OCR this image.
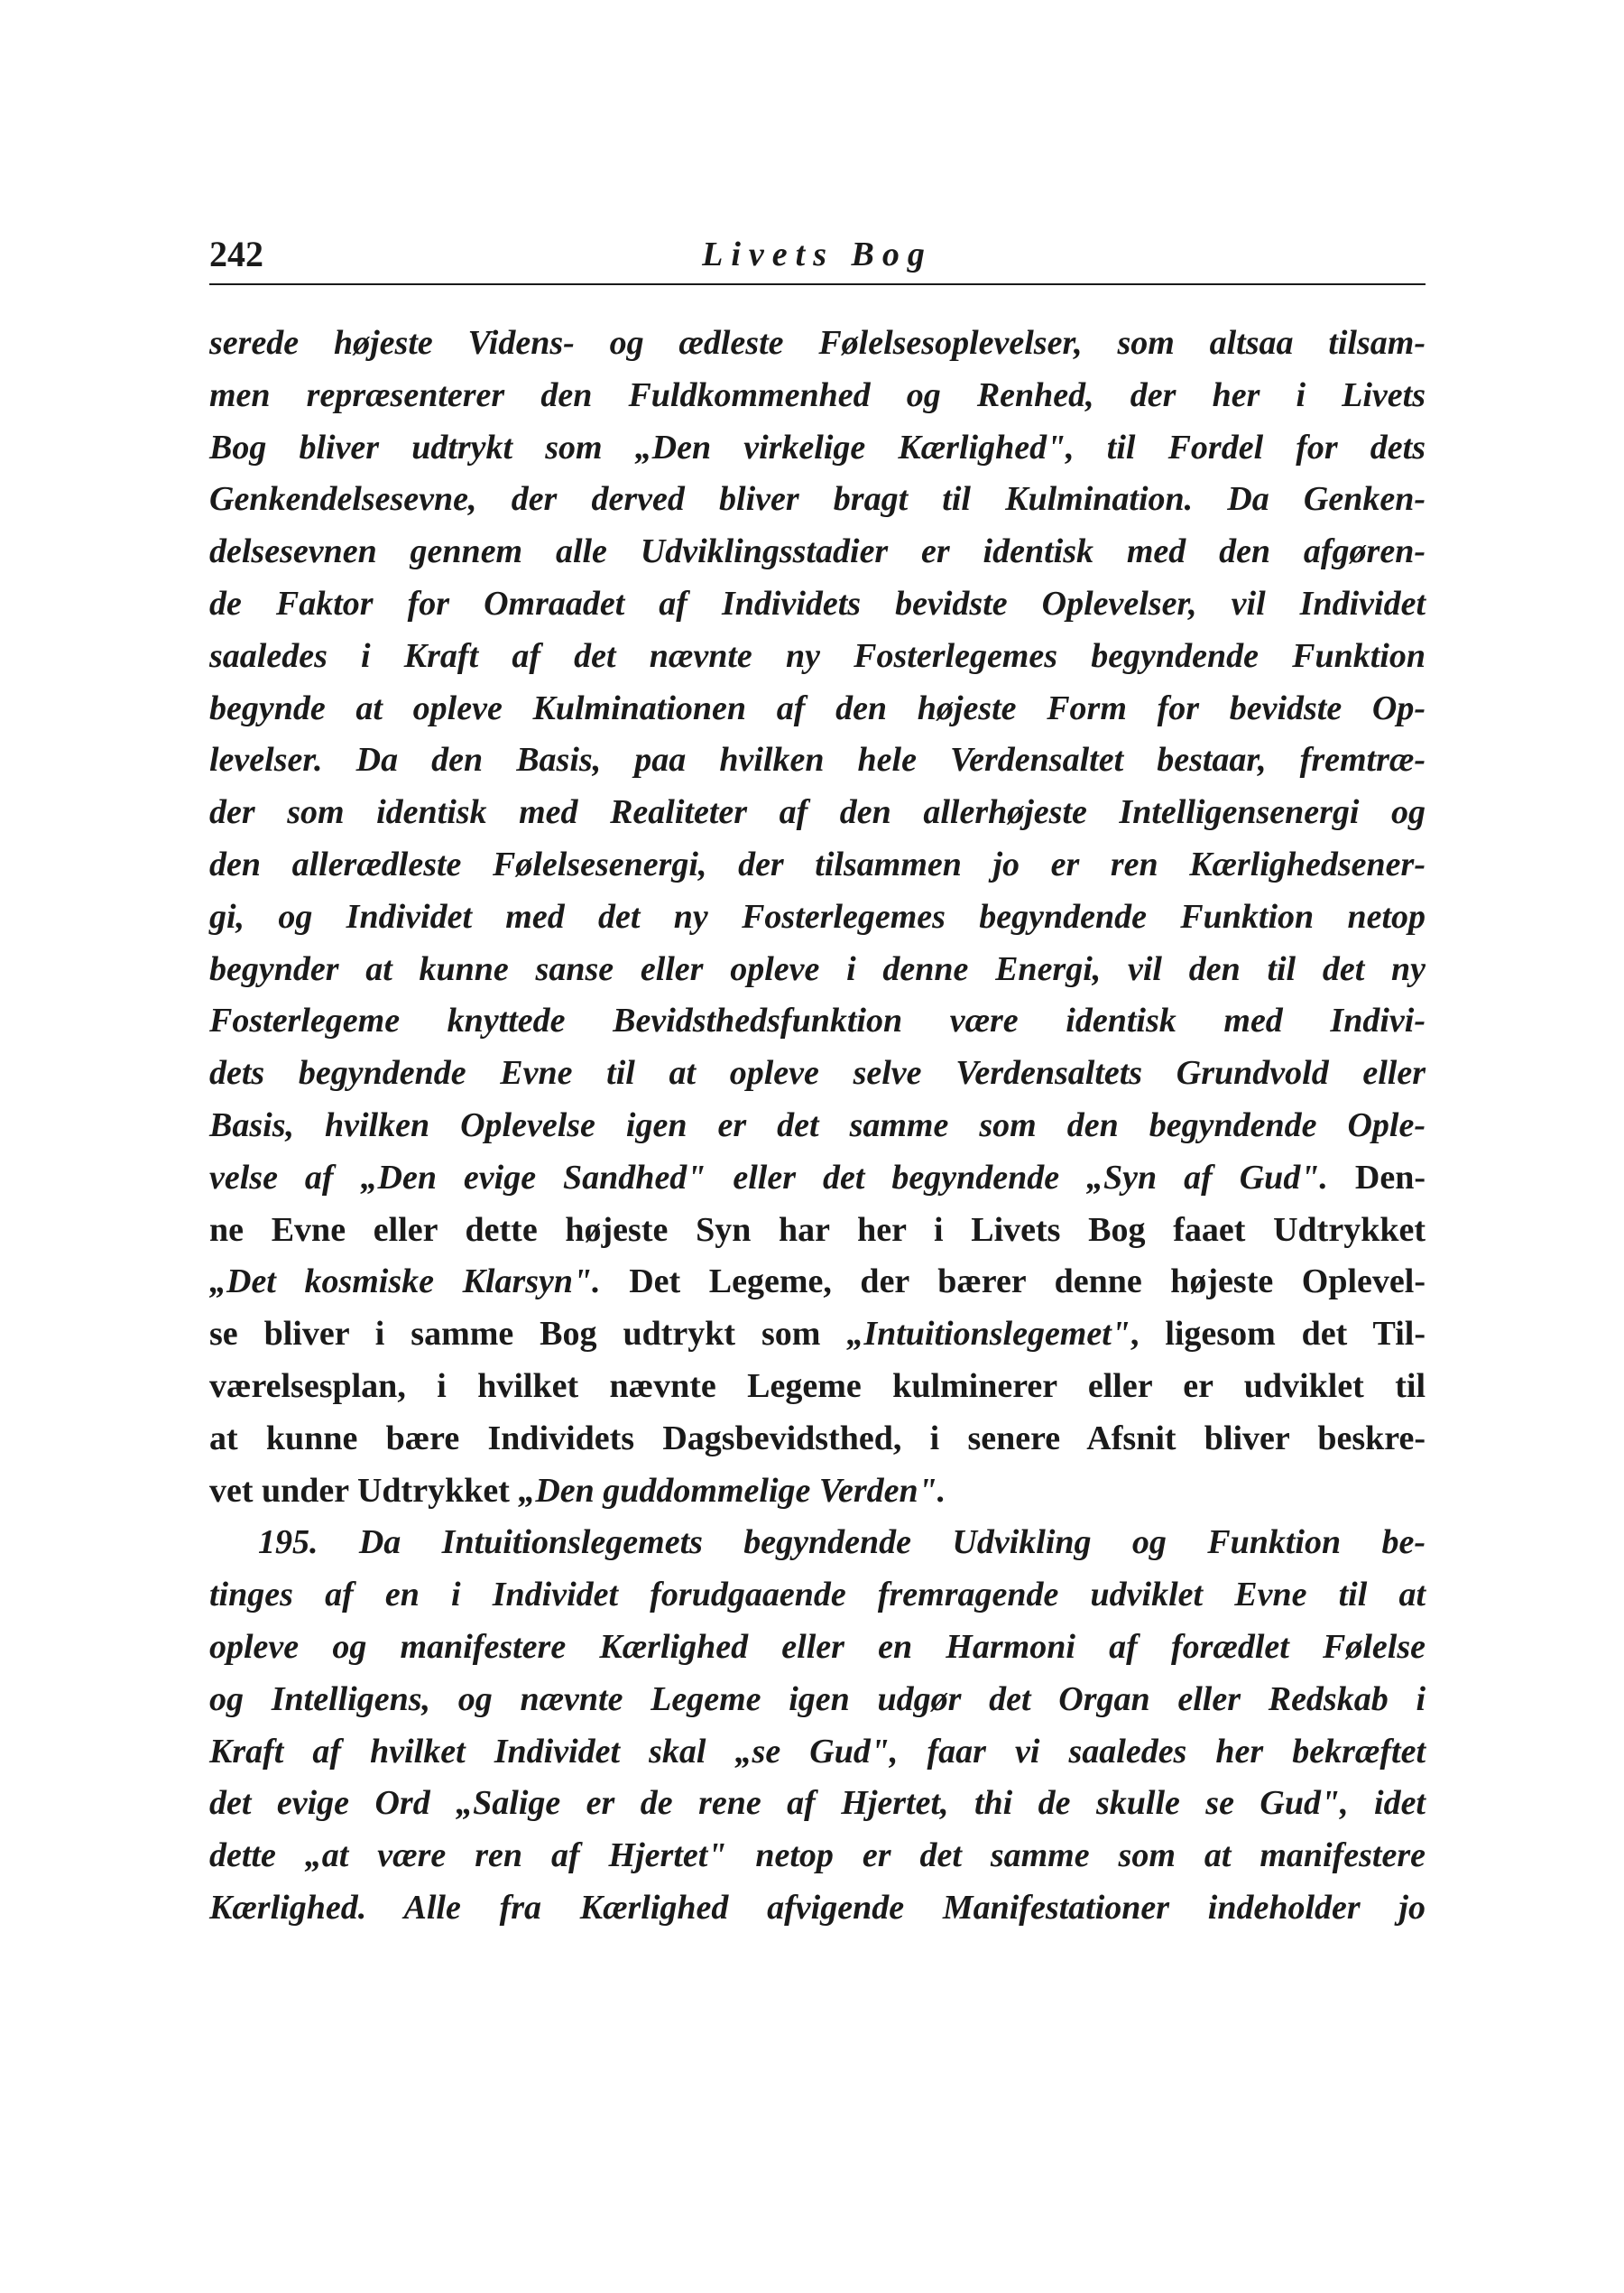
242	Livets Bog
serede højeste Videns- og ædleste Følelsesoplevelser, som altsaa tilsam-
men repræsenterer den Fuldkommenhed og Renhed, der her i Livets
Bog bliver udtrykt som „Den virkelige Kærlighed", til Fordel for dets
Genkendelsesevne, der derved bliver bragt til Kulmination. Da Genken-
delsesevnen gennem alle Udviklingsstadier er identisk med den afgøren-
de Faktor for Omraadet af Individets bevidste Oplevelser, vil Individet
saaledes i Kraft af det nævnte ny Fosterlegemes begyndende Funktion
begynde at opleve Kulminationen af den højeste Form for bevidste Op-
levelser. Da den Basis, paa hvilken hele Verdensaltet bestaar, fremtræ-
der som identisk med Realiteter af den allerhøjeste Intelligensenergi og
den allerædleste Følelsesenergi, der tilsammen jo er ren Kærlighedsener-
gi, og Individet med det ny Fosterlegemes begyndende Funktion netop
begynder at kunne sanse eller opleve i denne Energi, vil den til det ny
Fosterlegeme knyttede Bevidsthedsfunktion være identisk med Indivi-
dets begyndende Evne til at opleve selve Verdensaltets Grundvold eller
Basis, hvilken Oplevelse igen er det samme som den begyndende Ople-
velse af „Den evige Sandhed" eller det begyndende „Syn af Gud". Den-
ne Evne eller dette højeste Syn har her i Livets Bog faaet Udtrykket
„Det kosmiske Klarsyn". Det Legeme, der bærer denne højeste Oplevel-
se bliver i samme Bog udtrykt som „Intuitionslegemet", ligesom det Til-
værelsesplan, i hvilket nævnte Legeme kulminerer eller er udviklet til
at kunne bære Individets Dagsbevidsthed, i senere Afsnit bliver beskre-
vet under Udtrykket „Den guddommelige Verden".
195. Da Intuitionslegemets begyndende Udvikling og Funktion be-
tinges af en i Individet forudgaaende fremragende udviklet Evne til at
opleve og manifestere Kærlighed eller en Harmoni af forædlet Følelse
og Intelligens, og nævnte Legeme igen udgør det Organ eller Redskab i
Kraft af hvilket Individet skal „se Gud", faar vi saaledes her bekræftet
det evige Ord „Salige er de rene af Hjertet, thi de skulle se Gud", idet
dette „at være ren af Hjertet" netop er det samme som at manifestere
Kærlighed. Alle fra Kærlighed afvigende Manifestationer indeholder jo
